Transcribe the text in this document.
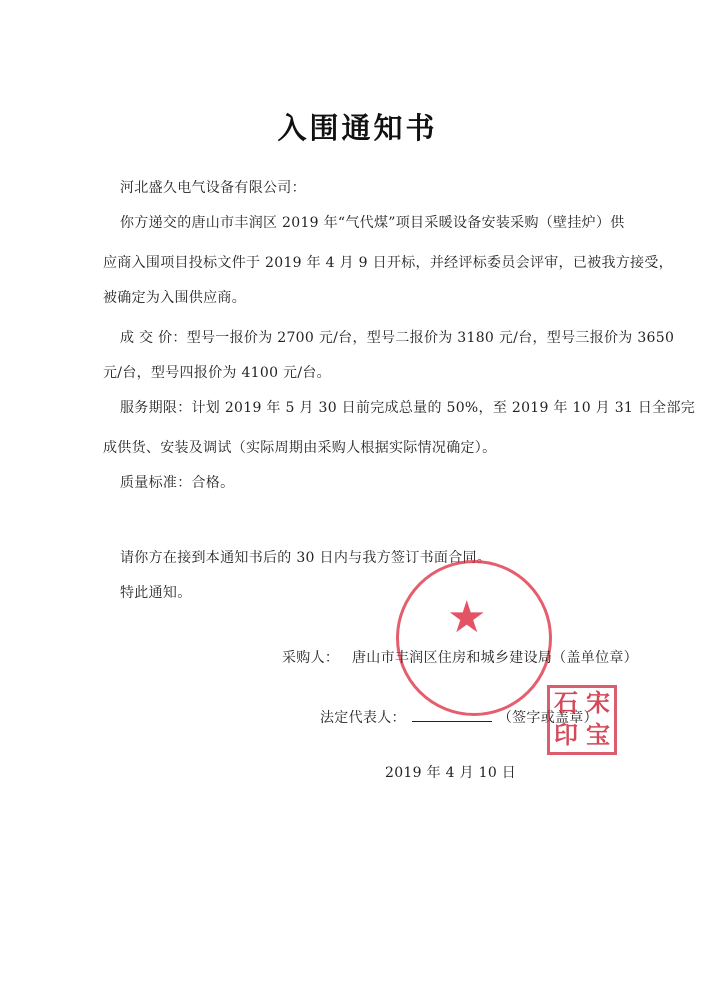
入围通知书
河北盛久电气设备有限公司：
你方递交的唐山市丰润区 2019 年“气代煤”项目采暖设备安装采购（壁挂炉）供
应商入围项目投标文件于 2019 年 4 月 9 日开标，并经评标委员会评审，已被我方接受，
被确定为入围供应商。
成 交 价：型号一报价为 2700 元/台，型号二报价为 3180 元/台，型号三报价为 3650
元/台，型号四报价为 4100 元/台。
服务期限：计划 2019 年 5 月 30 日前完成总量的 50%，至 2019 年 10 月 31 日全部完
成供货、安装及调试（实际周期由采购人根据实际情况确定）。
质量标准：合格。
请你方在接到本通知书后的 30 日内与我方签订书面合同。
特此通知。	★
采购人： 唐山市丰润区住房和城乡建设局（盖单位章）
法定代表人：	（签字或盖章）
石 宋
印 宝
2019 年 4 月 10 日
